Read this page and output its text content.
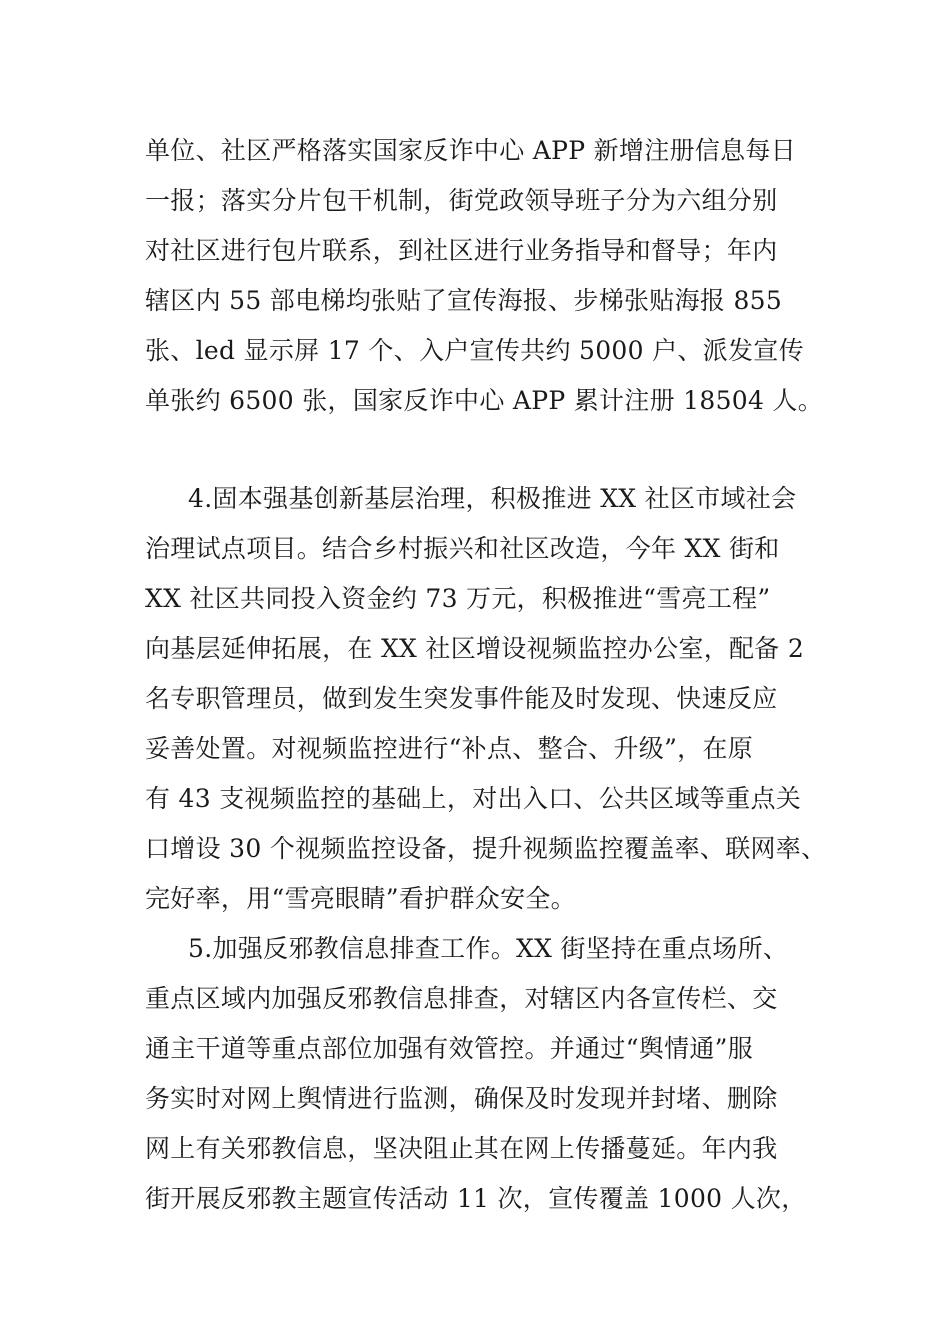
单位、社区严格落实国家反诈中心 APP 新增注册信息每日
一报；落实分片包干机制，街党政领导班子分为六组分别
对社区进行包片联系，到社区进行业务指导和督导；年内
辖区内 55 部电梯均张贴了宣传海报、步梯张贴海报 855
张、led 显示屏 17 个、入户宣传共约 5000 户、派发宣传
单张约 6500 张，国家反诈中心 APP 累计注册 18504 人。
4.固本强基创新基层治理，积极推进 XX 社区市域社会
治理试点项目。结合乡村振兴和社区改造，今年 XX 街和
XX 社区共同投入资金约 73 万元，积极推进“雪亮工程”
向基层延伸拓展，在 XX 社区增设视频监控办公室，配备 2
名专职管理员，做到发生突发事件能及时发现、快速反应
妥善处置。对视频监控进行“补点、整合、升级”，在原
有 43 支视频监控的基础上，对出入口、公共区域等重点关
口增设 30 个视频监控设备，提升视频监控覆盖率、联网率、
完好率，用“雪亮眼睛”看护群众安全。
5.加强反邪教信息排查工作。XX 街坚持在重点场所、
重点区域内加强反邪教信息排查，对辖区内各宣传栏、交
通主干道等重点部位加强有效管控。并通过“舆情通”服
务实时对网上舆情进行监测，确保及时发现并封堵、删除
网上有关邪教信息，坚决阻止其在网上传播蔓延。年内我
街开展反邪教主题宣传活动 11 次，宣传覆盖 1000 人次，
